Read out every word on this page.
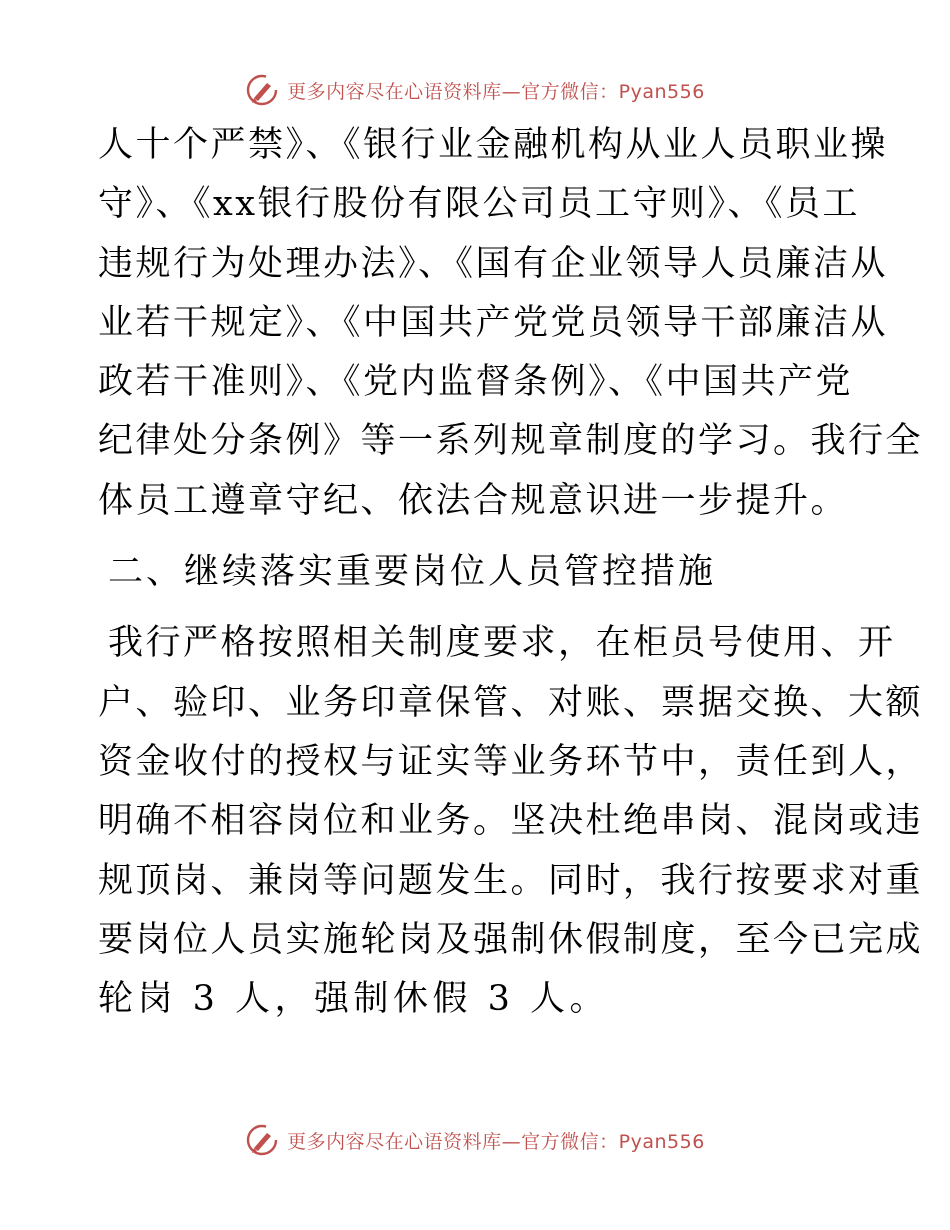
更多内容尽在心语资料库—官方微信：Pyan556
人十个严禁》、《银行业金融机构从业人员职业操
守》、《xx银行股份有限公司员工守则》、《员工
违规行为处理办法》、《国有企业领导人员廉洁从
业若干规定》、《中国共产党党员领导干部廉洁从
政若干准则》、《党内监督条例》、《中国共产党
纪律处分条例》等一系列规章制度的学习。我行全
体员工遵章守纪、依法合规意识进一步提升。
二、继续落实重要岗位人员管控措施
我行严格按照相关制度要求，在柜员号使用、开
户、验印、业务印章保管、对账、票据交换、大额
资金收付的授权与证实等业务环节中，责任到人，
明确不相容岗位和业务。坚决杜绝串岗、混岗或违
规顶岗、兼岗等问题发生。同时，我行按要求对重
要岗位人员实施轮岗及强制休假制度，至今已完成
轮岗 3 人，强制休假 3 人。
更多内容尽在心语资料库—官方微信：Pyan556
